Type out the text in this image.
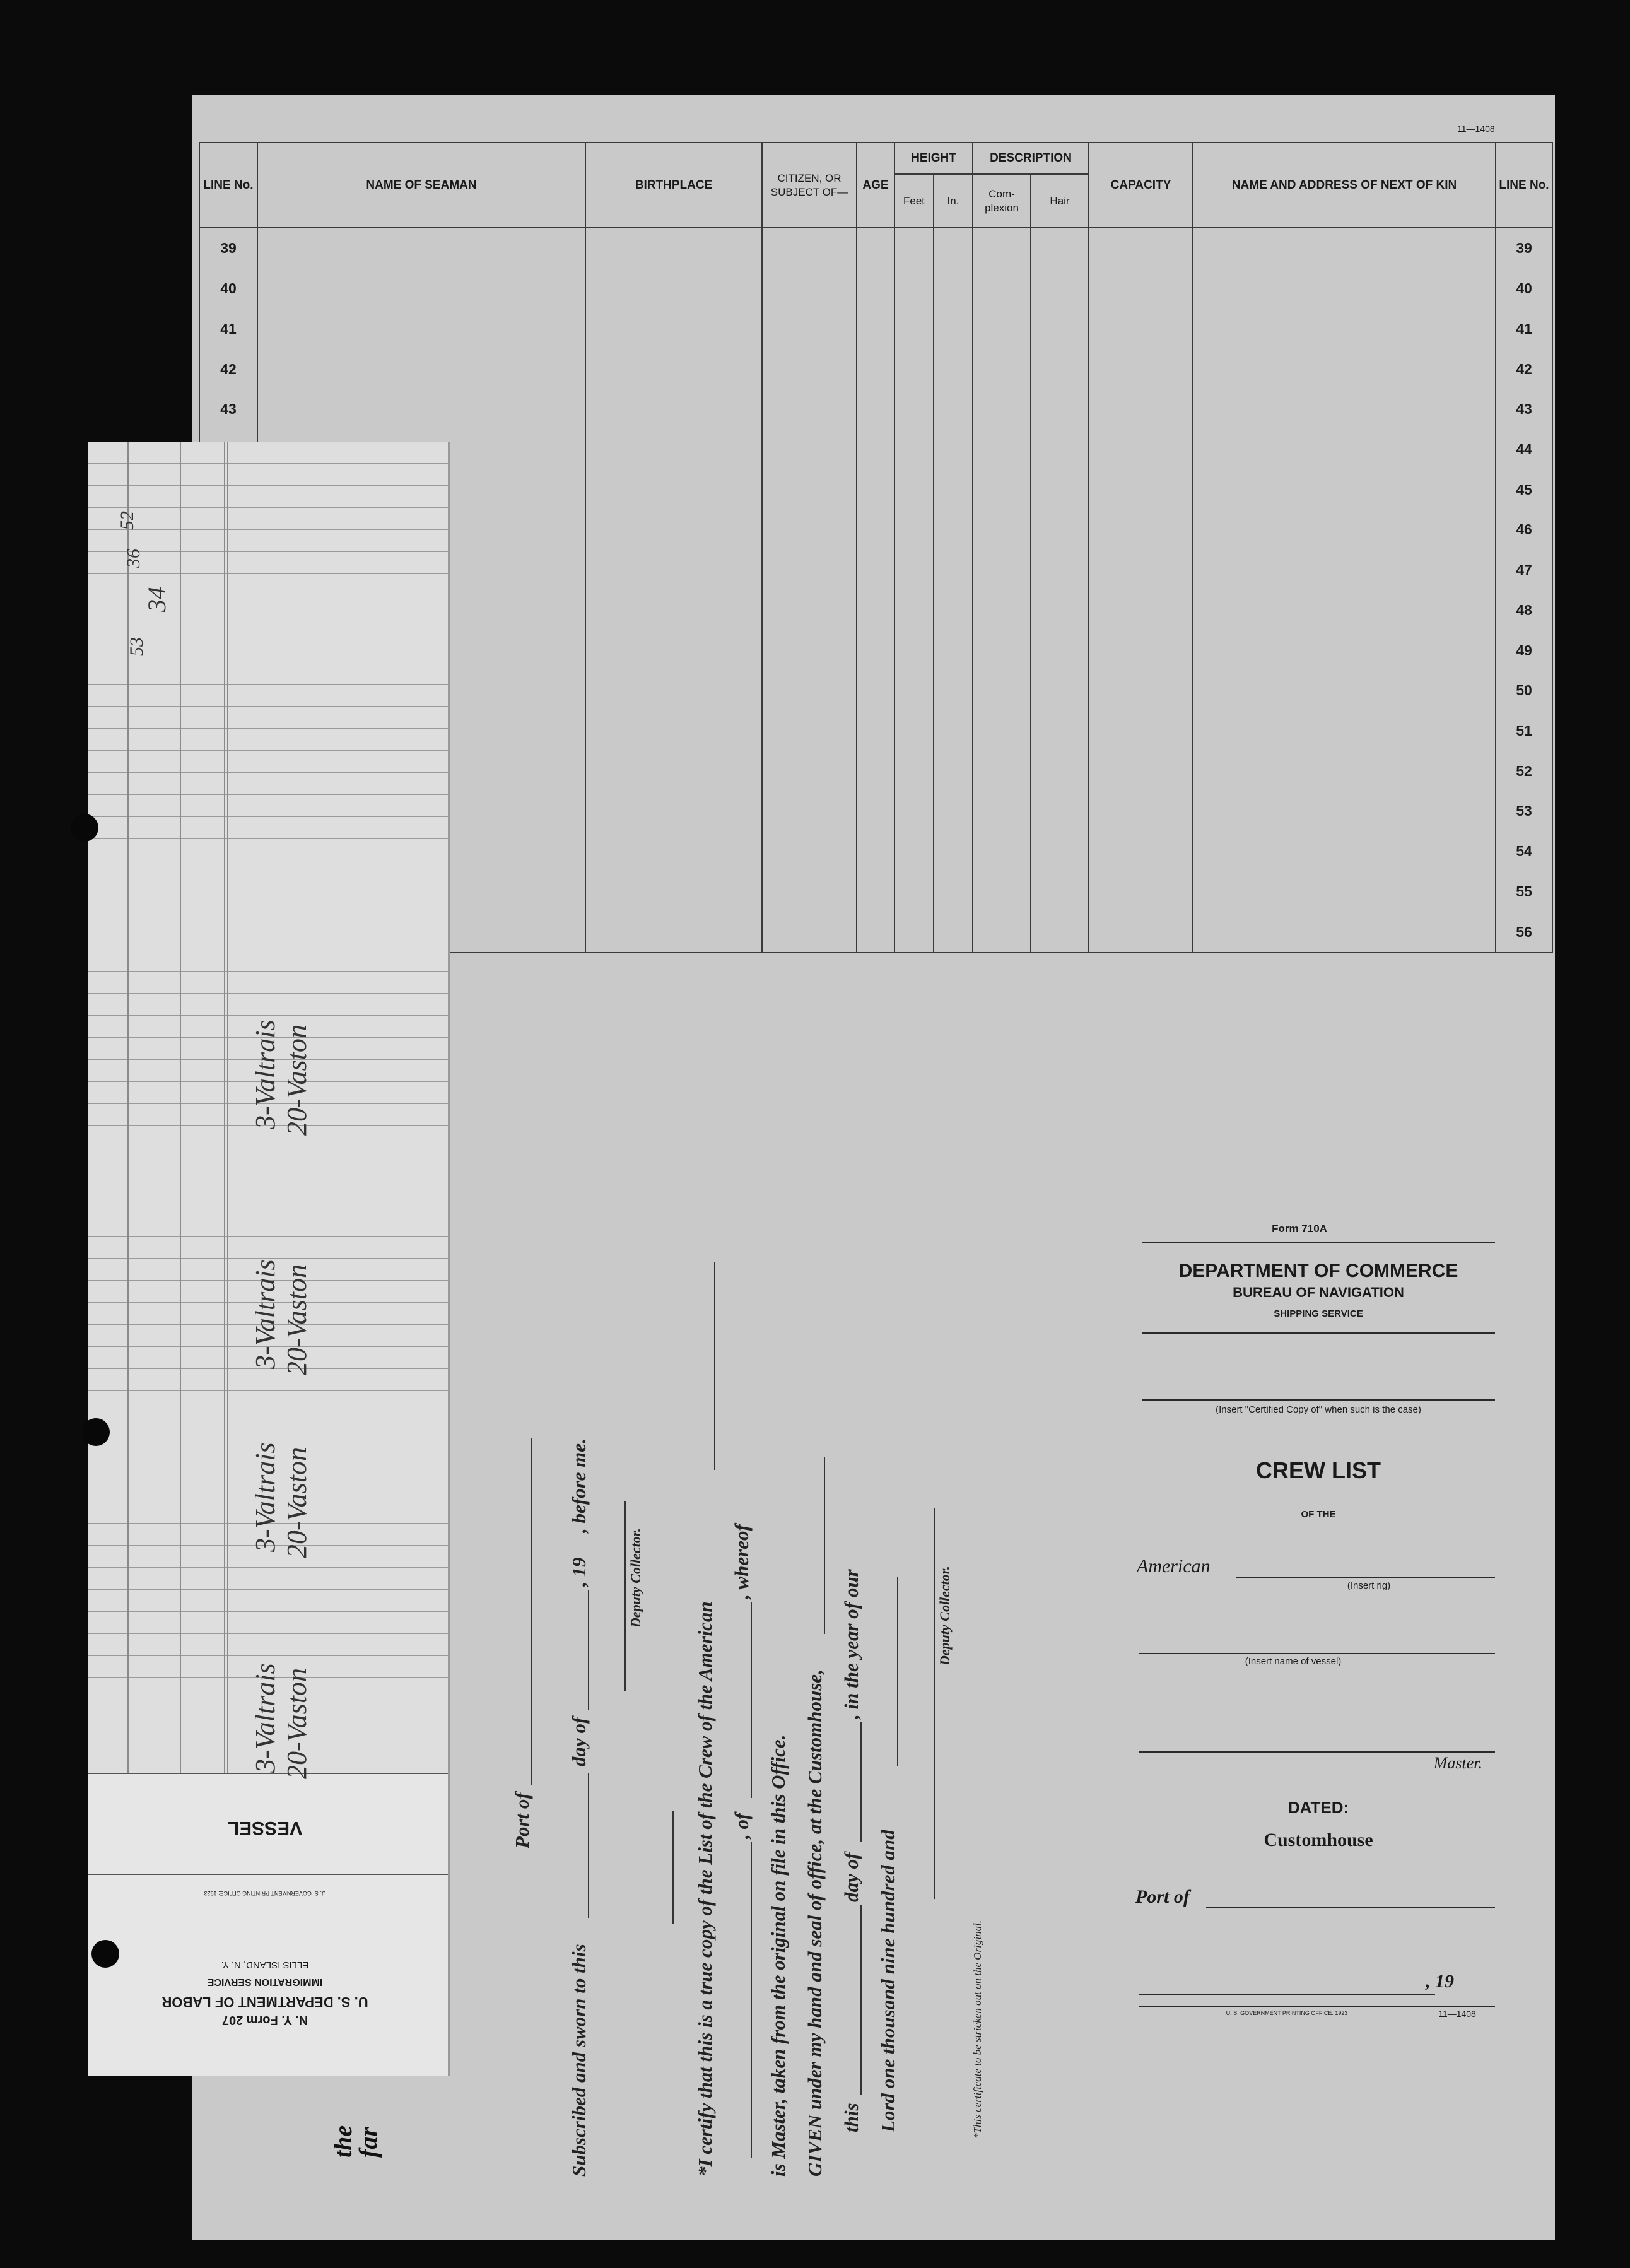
11—1408
LINE No.	NAME OF SEAMAN	BIRTHPLACE	CITIZEN, OR SUBJECT OF—	AGE	HEIGHT		DESCRIPTION		CAPACITY	NAME AND ADDRESS OF NEXT OF KIN	LINE No.
					Feet	In.	Com- plexion	Hair			
39											39
40											40
41											41
42											42
43											43
											44
											45
											46
											47
											48
											49
											50
											51
											52
											53
											54
											55
											56
Form 710A
DEPARTMENT OF COMMERCE
BUREAU OF NAVIGATION
SHIPPING SERVICE
(Insert "Certified Copy of" when such is the case)
CREW LIST
OF THE
American
(Insert rig)
(Insert name of vessel)
Master.
DATED:
Customhouse
Port of
, 19
U. S. GOVERNMENT PRINTING OFFICE: 1923	11—1408
Port of
Subscribed and sworn to this
day of
, 19
, before me.
Deputy Collector.
*I certify that this is a true copy of the List of the Crew of the American , of
, whereof
is Master, taken from the original on file in this Office. GIVEN under my hand and seal of office, at the Customhouse, this
day of
, in the year of our
Lord one thousand nine hundred and
Deputy Collector.
*This certificate to be stricken out on the Original.
N. Y. Form 207
U. S. DEPARTMENT OF LABOR
IMMIGRATION SERVICE
ELLIS ISLAND, N. Y.
U. S. GOVERNMENT PRINTING OFFICE: 1923
VESSEL
3-Valtrais 20-Vaston
3-Valtrais 20-Vaston
3-Valtrais 20-Vaston
3-Valtrais 20-Vaston
52
36
34
53
the
far
